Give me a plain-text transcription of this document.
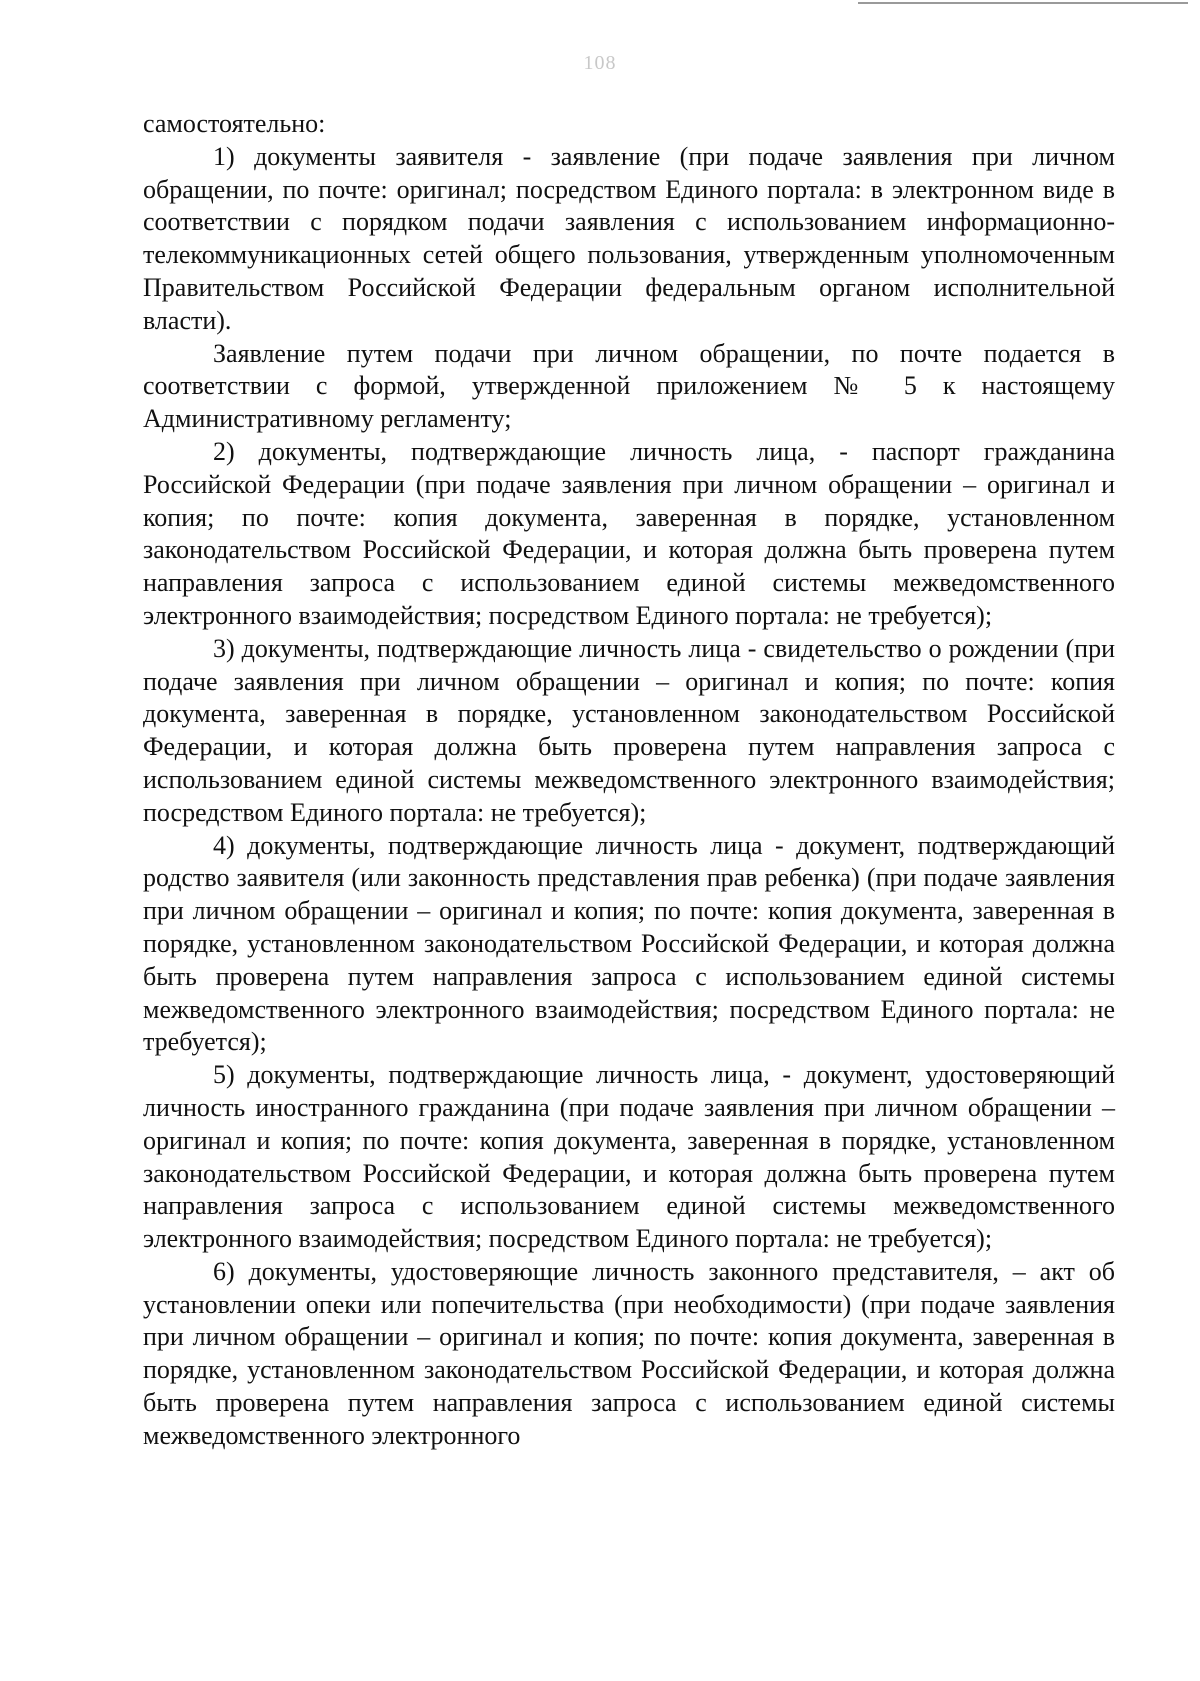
108

самостоятельно:

1) документы заявителя - заявление (при подаче заявления при личном обращении, по почте: оригинал; посредством Единого портала: в электронном виде в соответствии с порядком подачи заявления с использованием информационно-телекоммуникационных сетей общего пользования, утвержденным уполномоченным Правительством Российской Федерации федеральным органом исполнительной власти).

Заявление путем подачи при личном обращении, по почте подается в соответствии с формой, утвержденной приложением № 5 к настоящему Административному регламенту;

2) документы, подтверждающие личность лица, - паспорт гражданина Российской Федерации (при подаче заявления при личном обращении – оригинал и копия; по почте: копия документа, заверенная в порядке, установленном законодательством Российской Федерации, и которая должна быть проверена путем направления запроса с использованием единой системы межведомственного электронного взаимодействия; посредством Единого портала: не требуется);

3) документы, подтверждающие личность лица - свидетельство о рождении (при подаче заявления при личном обращении – оригинал и копия; по почте: копия документа, заверенная в порядке, установленном законодательством Российской Федерации, и которая должна быть проверена путем направления запроса с использованием единой системы межведомственного электронного взаимодействия; посредством Единого портала: не требуется);

4) документы, подтверждающие личность лица - документ, подтверждающий родство заявителя (или законность представления прав ребенка) (при подаче заявления при личном обращении – оригинал и копия; по почте: копия документа, заверенная в порядке, установленном законодательством Российской Федерации, и которая должна быть проверена путем направления запроса с использованием единой системы межведомственного электронного взаимодействия; посредством Единого портала: не требуется);

5) документы, подтверждающие личность лица, - документ, удостоверяющий личность иностранного гражданина (при подаче заявления при личном обращении – оригинал и копия; по почте: копия документа, заверенная в порядке, установленном законодательством Российской Федерации, и которая должна быть проверена путем направления запроса с использованием единой системы межведомственного электронного взаимодействия; посредством Единого портала: не требуется);

6) документы, удостоверяющие личность законного представителя, – акт об установлении опеки или попечительства (при необходимости) (при подаче заявления при личном обращении – оригинал и копия; по почте: копия документа, заверенная в порядке, установленном законодательством Российской Федерации, и которая должна быть проверена путем направления запроса с использованием единой системы межведомственного электронного
